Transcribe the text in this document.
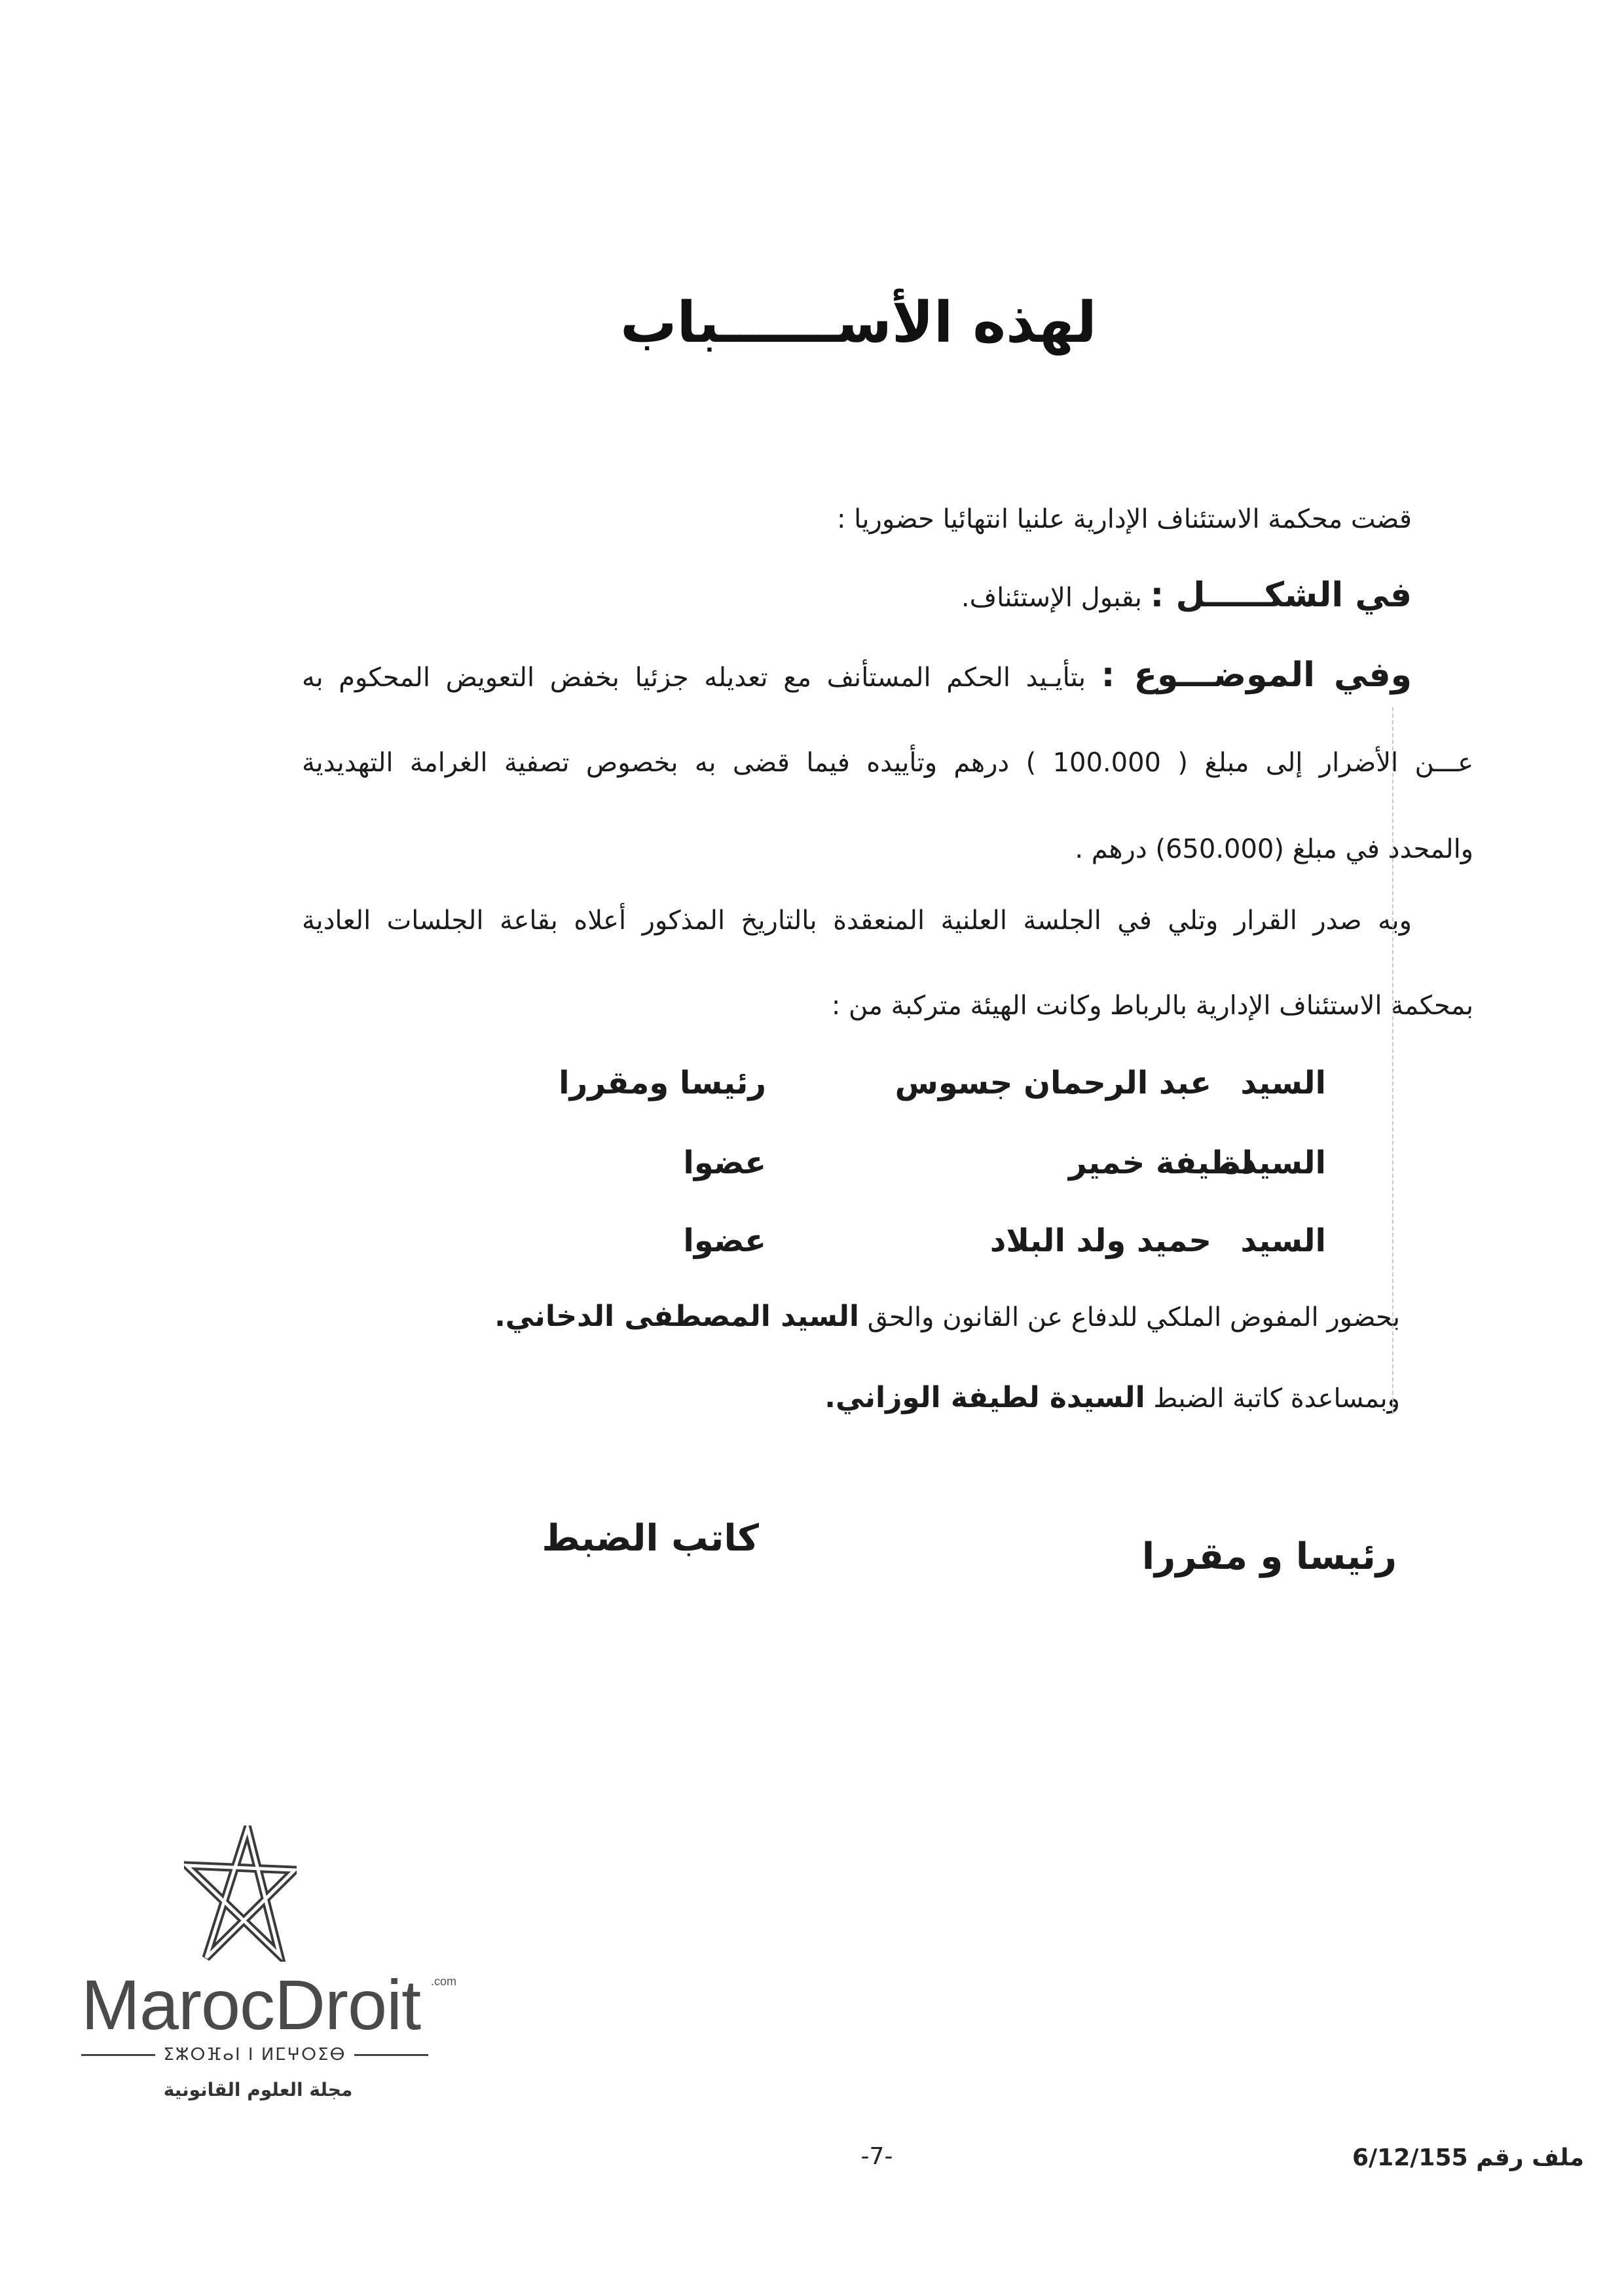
لهذه الأســــــباب
قضت محكمة الاستئناف الإدارية علنيا انتهائيا حضوريا :
في الشكـــــل : بقبول الإستئناف.
وفي الموضـــوع : بتأيـيد الحكم المستأنف مع تعديله جزئيا بخفض التعويض المحكوم به
عـــن الأضرار إلى مبلغ ( 100.000 ) درهم وتأييده فيما قضى به بخصوص تصفية الغرامة التهديدية
والمحدد في مبلغ (650.000) درهم .
وبه صدر القرار وتلي في الجلسة العلنية المنعقدة بالتاريخ المذكور أعلاه بقاعة الجلسات العادية
بمحكمة الاستئناف الإدارية بالرباط وكانت الهيئة متركبة من :
السيد
عبد الرحمان جسوس
رئيسا ومقررا
السيدة
لطيفة خمير
عضوا
السيد
حميد ولد البلاد
عضوا
بحضور المفوض الملكي للدفاع عن القانون والحق السيد المصطفى الدخاني.
وبمساعدة كاتبة الضبط السيدة لطيفة الوزاني.
رئيسا و مقررا
كاتب الضبط
MarocDroit .com
ⵉⵣⵔⴼⴰⵏ ⵏ ⵍⵎⵖⵔⵉⴱ
مجلة العلوم القانونية
-7-	ملف رقم 6/12/155
